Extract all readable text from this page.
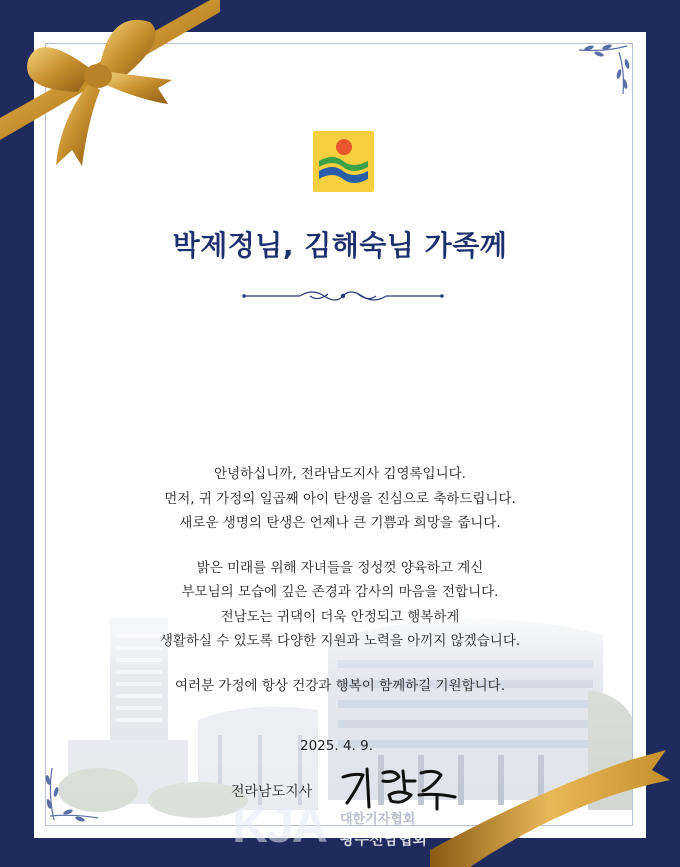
박제정님, 김해숙님 가족께

안녕하십니까, 전라남도지사 김영록입니다.

먼저, 귀 가정의 일곱째 아이 탄생을 진심으로 축하드립니다.

새로운 생명의 탄생은 언제나 큰 기쁨과 희망을 줍니다.

밝은 미래를 위해 자녀들을 정성껏 양육하고 계신

부모님의 모습에 깊은 존경과 감사의 마음을 전합니다.

전남도는 귀댁이 더욱 안정되고 행복하게

생활하실 수 있도록 다양한 지원과 노력을 아끼지 않겠습니다.

여러분 가정에 항상 건강과 행복이 함께하길 기원합니다.

2025. 4. 9.
전라남도지사
KJA 대한기자협회
광주전남협회
